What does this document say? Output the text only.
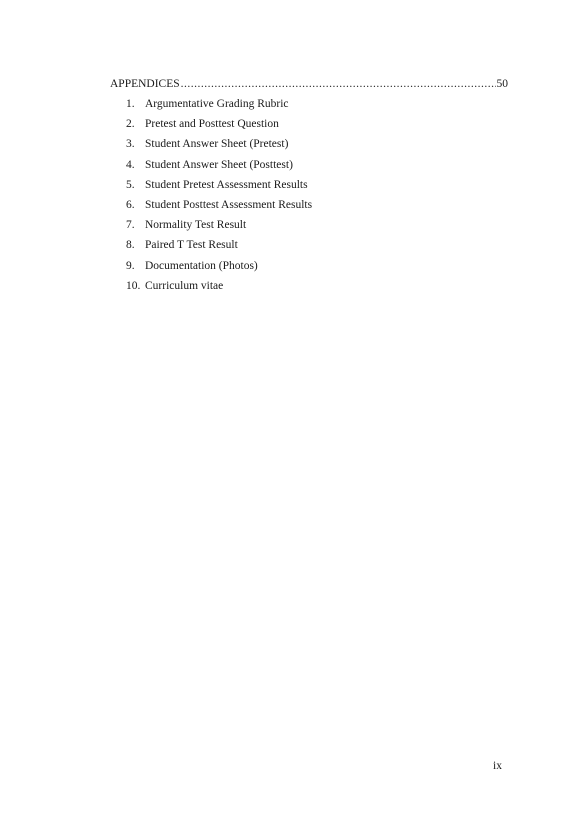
APPENDICES
.....	50
1. Argumentative Grading Rubric
2. Pretest and Posttest Question
3. Student Answer Sheet (Pretest)
4. Student Answer Sheet (Posttest)
5. Student Pretest Assessment Results
6. Student Posttest Assessment Results
7. Normality Test Result
8. Paired T Test Result
9. Documentation (Photos)
10. Curriculum vitae
ix
